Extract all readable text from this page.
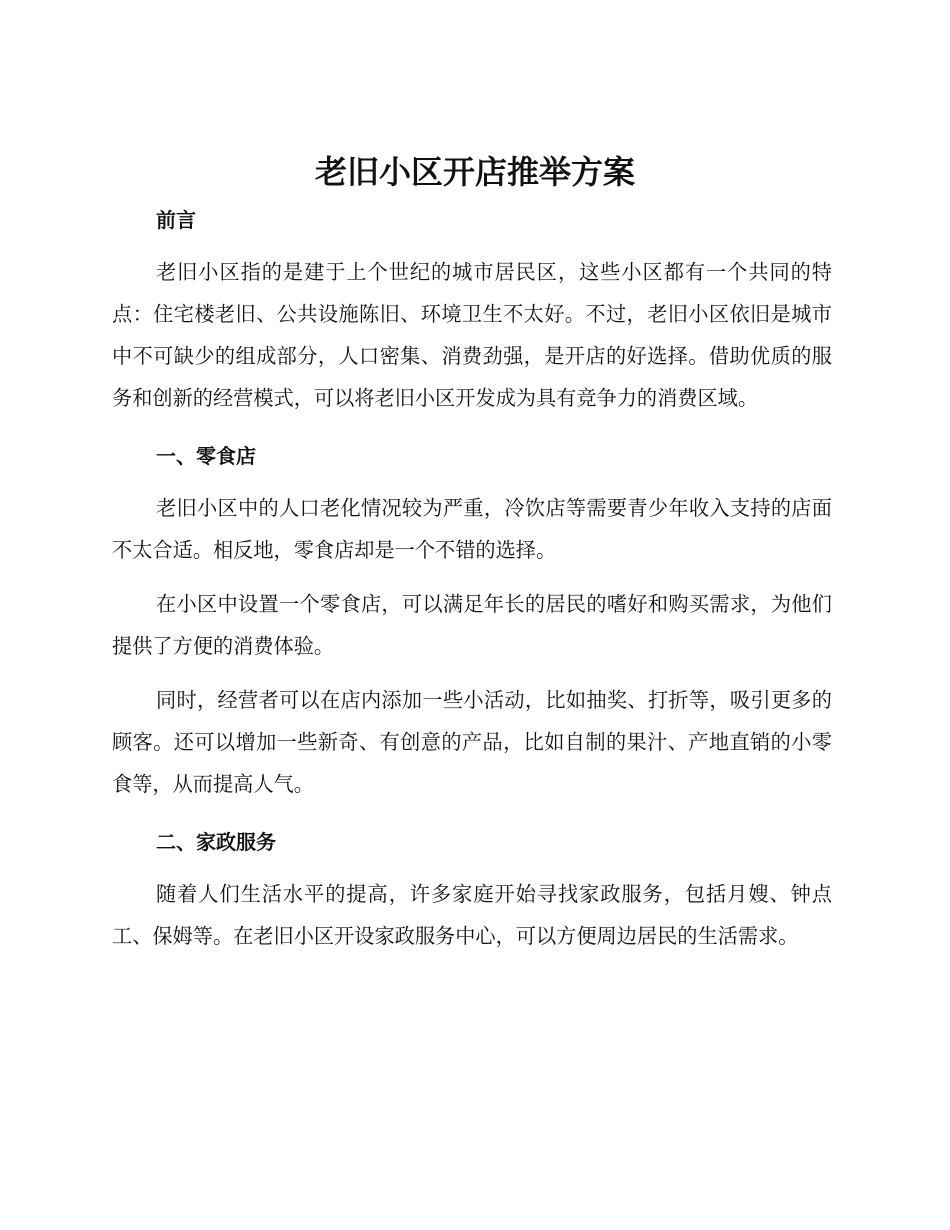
老旧小区开店推举方案
前言

老旧小区指的是建于上个世纪的城市居民区，这些小区都有一个共同的特点：住宅楼老旧、公共设施陈旧、环境卫生不太好。不过，老旧小区依旧是城市中不可缺少的组成部分，人口密集、消费劲强，是开店的好选择。借助优质的服务和创新的经营模式，可以将老旧小区开发成为具有竞争力的消费区域。

一、零食店

老旧小区中的人口老化情况较为严重，冷饮店等需要青少年收入支持的店面不太合适。相反地，零食店却是一个不错的选择。

在小区中设置一个零食店，可以满足年长的居民的嗜好和购买需求，为他们提供了方便的消费体验。

同时，经营者可以在店内添加一些小活动，比如抽奖、打折等，吸引更多的顾客。还可以增加一些新奇、有创意的产品，比如自制的果汁、产地直销的小零食等，从而提高人气。

二、家政服务

随着人们生活水平的提高，许多家庭开始寻找家政服务，包括月嫂、钟点工、保姆等。在老旧小区开设家政服务中心，可以方便周边居民的生活需求。
